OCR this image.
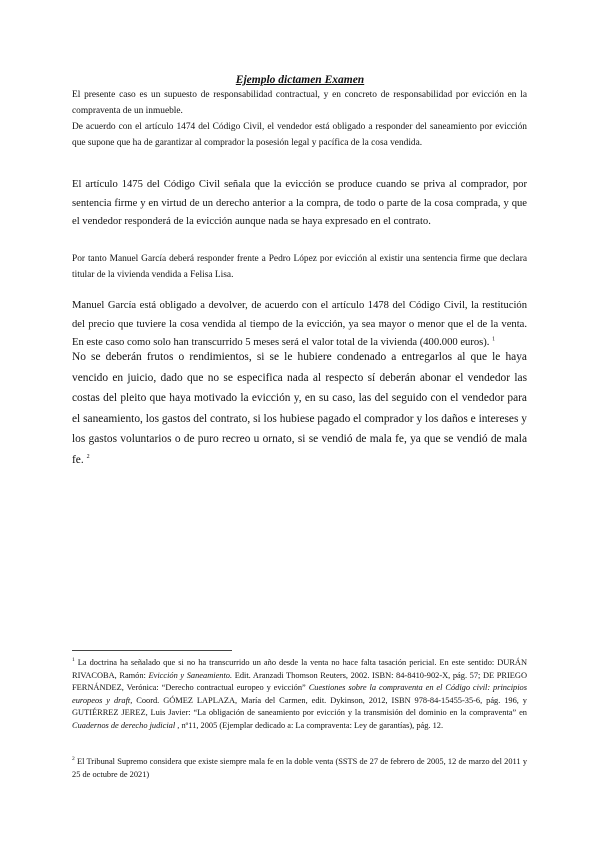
Ejemplo dictamen Examen

El presente caso es un supuesto de responsabilidad contractual, y en concreto de responsabilidad por evicción en la compraventa de un inmueble.

De acuerdo con el artículo 1474 del Código Civil, el vendedor está obligado a responder del saneamiento por evicción que supone que ha de garantizar al comprador la posesión legal y pacífica de la cosa vendida.

El artículo 1475 del Código Civil señala que la evicción se produce cuando se priva al comprador, por sentencia firme y en virtud de un derecho anterior a la compra, de todo o parte de la cosa comprada, y que el vendedor responderá de la evicción aunque nada se haya expresado en el contrato.

Por tanto Manuel García deberá responder frente a Pedro López por evicción al existir una sentencia firme que declara titular de la vivienda vendida a Felisa Lisa.

Manuel García está obligado a devolver, de acuerdo con el artículo 1478 del Código Civil, la restitución del precio que tuviere la cosa vendida al tiempo de la evicción, ya sea mayor o menor que el de la venta. En este caso como solo han transcurrido 5 meses será el valor total de la vivienda (400.000 euros). $^1$

No se deberán frutos o rendimientos, si se le hubiere condenado a entregarlos al que le haya vencido en juicio, dado que no se especifica nada al respecto sí deberán abonar el vendedor las costas del pleito que haya motivado la evicción y, en su caso, las del seguido con el vendedor para el saneamiento, los gastos del contrato, si los hubiese pagado el comprador y los daños e intereses y los gastos voluntarios o de puro recreo u ornato, si se vendió de mala fe, ya que se vendió de mala fe. $^2$

$^1$ La doctrina ha señalado que si no ha transcurrido un año desde la venta no hace falta tasación pericial. En este sentido: DURÁN RIVACOBA, Ramón: Evicción y Saneamiento. Edit. Aranzadi Thomson Reuters, 2002. ISBN: 84-8410-902-X, pág. 57; DE PRIEGO FERNÁNDEZ, Verónica: “Derecho contractual europeo y evicción” Cuestiones sobre la compraventa en el Código civil: principios europeos y draft, Coord. GÓMEZ LAPLAZA, María del Carmen, edit. Dykinson, 2012, ISBN 978-84-15455-35-6, pág. 196, y GUTIÉRREZ JEREZ, Luis Javier: “La obligación de saneamiento por evicción y la transmisión del dominio en la compraventa” en Cuadernos de derecho judicial , nº11, 2005 (Ejemplar dedicado a: La compraventa: Ley de garantías), pág. 12.

$^2$ El Tribunal Supremo considera que existe siempre mala fe en la doble venta (SSTS de 27 de febrero de 2005, 12 de marzo del 2011 y 25 de octubre de 2021)
